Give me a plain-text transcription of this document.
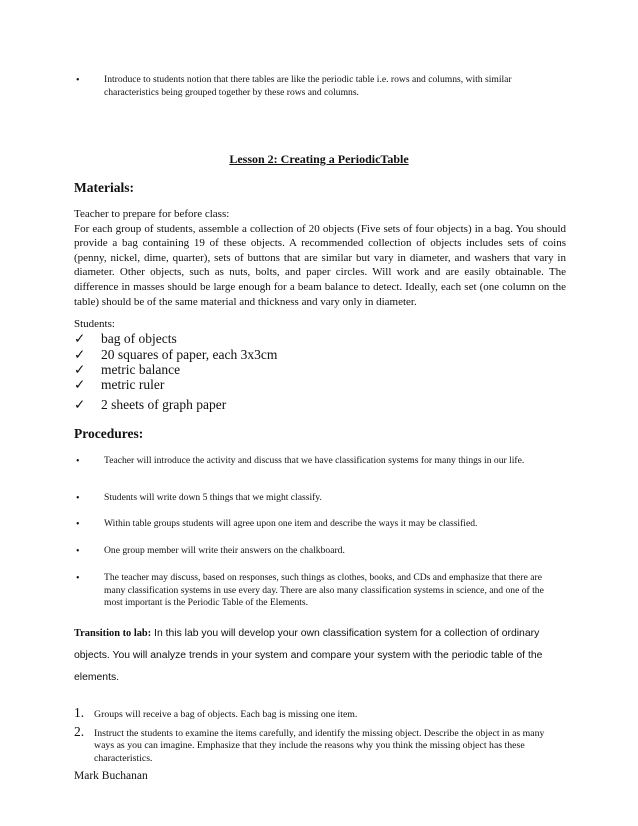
•	Introduce to students notion that there tables are like the periodic table i.e. rows and columns, with similar characteristics being grouped together by these rows and columns.
Lesson 2: Creating a PeriodicTable
Materials:
Teacher to prepare for before class:
For each group of students, assemble a collection of 20 objects (Five sets of four objects) in a bag. You should provide a bag containing 19 of these objects. A recommended collection of objects includes sets of coins (penny, nickel, dime, quarter), sets of buttons that are similar but vary in diameter, and washers that vary in diameter. Other objects, such as nuts, bolts, and paper circles. Will work and are easily obtainable. The difference in masses should be large enough for a beam balance to detect. Ideally, each set (one column on the table) should be of the same material and thickness and vary only in diameter.
Students:
✓ bag of objects
✓ 20 squares of paper, each 3x3cm
✓ metric balance
✓ metric ruler
✓ 2 sheets of graph paper
Procedures:
•	Teacher will introduce the activity and discuss that we have classification systems for many things in our life.
•	Students will write down 5 things that we might classify.
•	Within table groups students will agree upon one item and describe the ways it may be classified.
•	One group member will write their answers on the chalkboard.
•	The teacher may discuss, based on responses, such things as clothes, books, and CDs and emphasize that there are many classification systems in use every day. There are also many classification systems in science, and one of the most important is the Periodic Table of the Elements.
Transition to lab: In this lab you will develop your own classification system for a collection of ordinary objects. You will analyze trends in your system and compare your system with the periodic table of the elements.
1. Groups will receive a bag of objects. Each bag is missing one item.
2. Instruct the students to examine the items carefully, and identify the missing object. Describe the object in as many ways as you can imagine. Emphasize that they include the reasons why you think the missing object has these characteristics.
Mark Buchanan
